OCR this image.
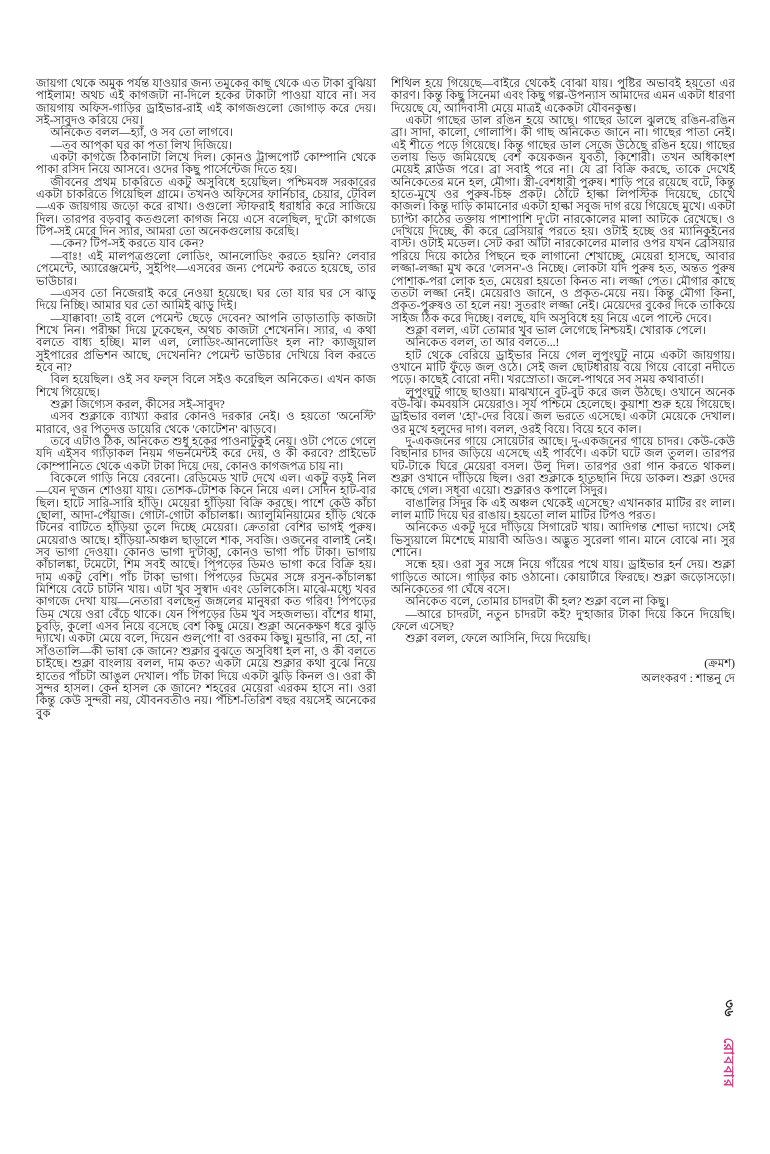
জায়গা থেকে অমুক পর্যন্ত যাওয়ার জন্য তমুকের কাছ থেকে এত টাকা বুঝিয়া পাইলাম! অথচ এই কাগজটা না-দিলে হকের টাকাটা পাওয়া যাবে না। সব জায়গায় অফিস-গাড়ির ড্রাইভার-রাই এই কাগজগুলো জোগাড় করে দেয়। সই-সাবুদও করিয়ে দেয়।

অনিকেত বলল—হ্যাঁ, ও সব তো লাগবে।

—তব আপ্‌কা ঘর কা পতা লিখ দিজিয়ে।

একটা কাগজে ঠিকানাটা লিখে দিল। কোনও ট্রান্সপোর্ট কোম্পানি থেকে পাকা রসিদ নিয়ে আসবে। ওদের কিছু পার্সেন্টেজ দিতে হয়।

জীবনের প্রথম চাকরিতে একটু অসুবিধে হয়েছিল। পশ্চিমবঙ্গ সরকারের একটা চাকরিতে গিয়েছিল গ্রামে। তখনও অফিসের ফার্নিচার, চেয়ার, টেবিল—এক জায়গায় জড়ো করে রাখা। ওগুলো স্টাফরাই ধরাধরি করে সাজিয়ে দিল। তারপর বড়বাবু কতগুলো কাগজ নিয়ে এসে বলেছিল, দু'টো কাগজে টিপ-সই মেরে দিন স্যার, আমরা তো অনেকগুলোয় করেছি।

—কেন? টিপ-সই করতে যাব কেন?

—বাঃ! এই মালপত্রগুলো লোডিং, আনলোডিং করতে হয়নি? লেবার পেমেন্টে, অ্যারেঞ্জমেন্ট, সুইপিং—এসবের জন্য পেমেন্ট করতে হয়েছে, তার ভাউচার।

—এসব তো নিজেরাই করে নেওয়া হয়েছে। ঘর তো যার ঘর সে ঝাড়ু দিয়ে নিচ্ছি। আমার ঘর তো আমিই ঝাড়ু দিই।

—যাক্কাবা! তাই বলে পেমেন্ট ছেড়ে দেবেন? আপনি তাড়াতাড়ি কাজটা শিখে নিন। পরীক্ষা দিয়ে ঢুকেছেন, অথচ কাজটা শেখেননি। স্যার, এ কথা বলতে বাধ্য হচ্ছি। মাল এল, লোডিং-আনলোডিং হল না? ক্যাজুয়াল সুইপারের প্রভিশন আছে, দেখেননি? পেমেন্ট ভাউচার দেখিয়ে বিল করতে হবে না?

বিল হয়েছিল। ওই সব ফল্‌স বিলে সইও করেছিল অনিকেত। এখন কাজ শিখে গিয়েছে।

শুক্লা জিগ্যেস করল, কীসের সই-সাবুদ?

এসব শুক্লাকে ব্যাখ্যা করার কোনও দরকার নেই। ও হয়তো 'অনেস্টি' মারাবে, ওর পিতৃদত্ত ডায়েরি থেকে 'কোটেশন' ঝাড়বে।

তবে এটাও ঠিক, অনিকেত শুধু হকের পাওনাটুকুই নেয়। ওটা পেতে গেলে যদি এইসব গ্যাঁড়াকল নিয়ম গভর্নমেন্টই করে দেয়, ও কী করবে? প্রাইভেট কোম্পানিতে থেকে একটা টাকা দিয়ে দেয়, কোনও কাগজপত্র চায় না।

বিকেলে গাড়ি নিয়ে বেরনো। রেডিমেড খাট দেখে এল। একটু বড়ই নিল—যেন দু'জন শোওয়া যায়। তোশক-টোশক কিনে নিয়ে এল। সেদিন হাট-বার ছিল। হাটে সারি-সারি হাঁড়ি। মেয়েরা হাঁড়িয়া বিক্রি করছে। পাশে কেউ কাঁচা ছোলা, আদা-পেঁয়াজ। গোটা-গোটা কাঁচালঙ্কা। অ্যালুমিনিয়ামের হাঁড়ি থেকে টিনের বাটিতে হাঁড়িয়া তুলে দিচ্ছে মেয়েরা। ক্রেতারা বেশির ভাগই পুরুষ। মেয়েরাও আছে। হাঁড়িয়া-অঞ্চল ছাড়ালে শাক, সবজি। ওজনের বালাই নেই। সব ভাগা দেওয়া। কোনও ভাগা দু'টাকা, কোনও ভাগা পাঁচ টাকা। ভাগায় কাঁচালঙ্কা, টমেটো, শিম সবই আছে। পিঁপড়ের ডিমও ভাগা করে বিক্রি হয়। দাম একটু বেশি। পাঁচ টাকা ভাগা। পিঁপড়ের ডিমের সঙ্গে রসুন-কাঁচালঙ্কা মিশিয়ে বেটে চাটনি খায়। এটা খুব সুস্বাদ এবং ডেলিকেসি। মাঝে-মধ্যে খবর কাগজে দেখা যায়—নেতারা বলছেন জঙ্গলের মানুষরা কত গরিব! পিঁপড়ের ডিম খেয়ে ওরা বেঁচে থাকে। যেন পিঁপড়ের ডিম খুব সহজলভ্য। বাঁশের ধামা, চুবড়ি, কুলো এসব নিয়ে বসেছে বেশ কিছু মেয়ে। শুক্লা অনেকক্ষণ ধরে ঝুড়ি দ্যাখে। একটা মেয়ে বলে, দিয়েন গুল্‌পো! বা ওরকম কিছু। মুন্ডারি, না হো, না সাঁওতালি—কী ভাষা কে জানে? শুক্লার বুঝতে অসুবিধা হল না, ও কী বলতে চাইছে। শুক্লা বাংলায় বলল, দাম কত? একটা মেয়ে শুক্লার কথা বুঝে নিয়ে হাতের পাঁচটা আঙুল দেখাল। পাঁচ টাকা দিয়ে একটা ঝুড়ি কিনল ও। ওরা কী সুন্দর হাসল। কেন হাসল কে জানে? শহরের মেয়েরা এরকম হাসে না। ওরা কিন্তু কেউ সুন্দরী নয়, যৌবনবতীও নয়। পঁচিশ-তিরিশ বছর বয়সেই অনেকের বুক

শিথিল হয়ে গিয়েছে—বাইরে থেকেই বোঝা যায়। পুষ্টির অভাবই হয়তো এর কারণ। কিন্তু কিছু সিনেমা এবং কিছু গল্প-উপন্যাস আমাদের এমন একটা ধারণা দিয়েছে যে, আদিবাসী মেয়ে মাত্রই একেকটা যৌবনকুম্ভ।

একটা গাছের ডাল রঙিন হয়ে আছে। গাছের ডালে ঝুলছে রঙিন-রঙিন ব্রা। সাদা, কালো, গোলাপি। কী গাছ অনিকেত জানে না। গাছের পাতা নেই। এই শীতে পড়ে গিয়েছে। কিন্তু গাছের ডাল সেজে উঠেছে রঙিন হয়ে। গাছের তলায় ভিড় জমিয়েছে বেশ কয়েকজন যুবতী, কিশোরী। তখন অধিকাংশ মেয়েই ব্লাউজ পরে। ব্রা সবাই পরে না। যে ব্রা বিক্রি করছে, তাকে দেখেই অনিকেতের মনে হল, মৌগা। স্ত্রী-বেশধারী পুরুষ। শাড়ি পরে রয়েছে বটে, কিন্তু হাতে-মুখে ওর পুরুষ-চিহ্ন প্রকট। ঠোঁটে হাল্কা লিপস্টিক দিয়েছে, চোখে কাজল। কিন্তু দাড়ি কামানোর একটা হাল্কা সবুজ দাগ রয়ে গিয়েছে মুখে। একটা চ্যাপ্টা কাঠের তক্তায় পাশাপাশি দু'টো নারকোলের মালা আটকে রেখেছে। ও দেখিয়ে দিচ্ছে, কী করে ব্রেসিয়ার পরতে হয়। ওটাই হচ্ছে ওর ম্যানিকুইনের বাস্ট। ওটাই মডেল। সেট করা আঁটা নারকোলের মালার ওপর যখন ব্রেসিয়ার পরিয়ে দিয়ে কাঠের পিছনে হুক লাগানো শেখাচ্ছে, মেয়েরা হাসছে, আবার লজ্জা-লজ্জা মুখ করে 'লেসন'-ও নিচ্ছে। লোকটা যদি পুরুষ হত, অন্তত পুরুষ পোশাক-পরা লোক হত, মেয়েরা হয়তো কিনত না। লজ্জা পেত। মৌগার কাছে ততটা লজ্জা নেই। মেয়েরাও জানে, ও প্রকৃত-মেয়ে নয়। কিন্তু মৌগা কিনা, প্রকৃত-পুরুষও তা হলে নয়! সুতরাং লজ্জা নেই। মেয়েদের বুকের দিকে তাকিয়ে সাইজ ঠিক করে দিচ্ছে। বলছে, যদি অসুবিধে হয় নিয়ে এলে পাল্টে দেবে।

শুক্লা বলল, এটা তোমার খুব ভাল লেগেছে নিশ্চয়ই। খোরাক পেলে।

অনিকেত বলল, তা আর বলতে...!

হাট থেকে বেরিয়ে ড্রাইভার নিয়ে গেল লুপুংঘুটু নামে একটা জায়গায়। ওখানে মাটি ফুঁড়ে জল ওঠে। সেই জল ছোটধারায় বয়ে গিয়ে বোরো নদীতে পড়ে। কাছেই বোরো নদী। খরস্রোতা। জলে-পাথরে সব সময় কথাবার্তা।

লুপুংঘুটু গাছে ছাওয়া। মাঝখানে বুট-বুট করে জল উঠছে। ওখানে অনেক বউ-ঝি। কমবয়সি মেয়েরাও। সূর্য পশ্চিমে হেলেছে। কুয়াশা শুরু হয়ে গিয়েছে। ড্রাইভার বলল 'হো'-দের বিয়ে। জল ভরতে এসেছে। একটা মেয়েকে দেখাল। ওর মুখে হলুদের দাগ। বলল, ওরই বিয়ে। বিয়ে হবে কাল।

দু-একজনের গায়ে সোয়েটার আছে। দু-একজনের গায়ে চাদর। কেউ-কেউ বিছানার চাদর জড়িয়ে এসেছে এই পার্বণে। একটা ঘটে জল তুলল। তারপর ঘট-টাকে ঘিরে মেয়েরা বসল। উলু দিল। তারপর ওরা গান করতে থাকল। শুক্লা ওখানে দাঁড়িয়ে ছিল। ওরা শুক্লাকে হাতছানি দিয়ে ডাকল। শুক্লা ওদের কাছে গেল। সধবা এয়ো। শুক্লারও কপালে সিঁদুর।

বাঙালির সিঁদুর কি এই অঞ্চল থেকেই এসেছে? এখানকার মাটির রং লাল। লাল মাটি দিয়ে ঘর রাঙায়। হয়তো লাল মাটির টিপও পরত।

অনিকেত একটু দূরে দাঁড়িয়ে সিগারেট খায়। আদিগন্ত শোভা দ্যাখে। সেই ভিস্যুয়ালে মিশেছে মায়াবী অডিও। অদ্ভুত সুরেলা গান। মানে বোঝে না। সুর শোনে।

সন্ধে হয়। ওরা সুর সঙ্গে নিয়ে গাঁয়ের পথে যায়। ড্রাইভার হর্ন দেয়। শুক্লা গাড়িতে আসে। গাড়ির কাচ ওঠানো। কোয়ার্টারে ফিরছে। শুক্লা জড়োসড়ো। অনিকেতের গা ঘেঁষে বসে।

অনিকেত বলে, তোমার চাদরটা কী হল? শুক্লা বলে না কিছু।

—আরে চাদরটা, নতুন চাদরটা কই? দু'হাজার টাকা দিয়ে কিনে দিয়েছি। ফেলে এসেছ?

শুক্লা বলল, ফেলে আসিনি, দিয়ে দিয়েছি।

(ক্রমশ)

অলংকরণ : শান্তনু দে

৩৬
রোববার
